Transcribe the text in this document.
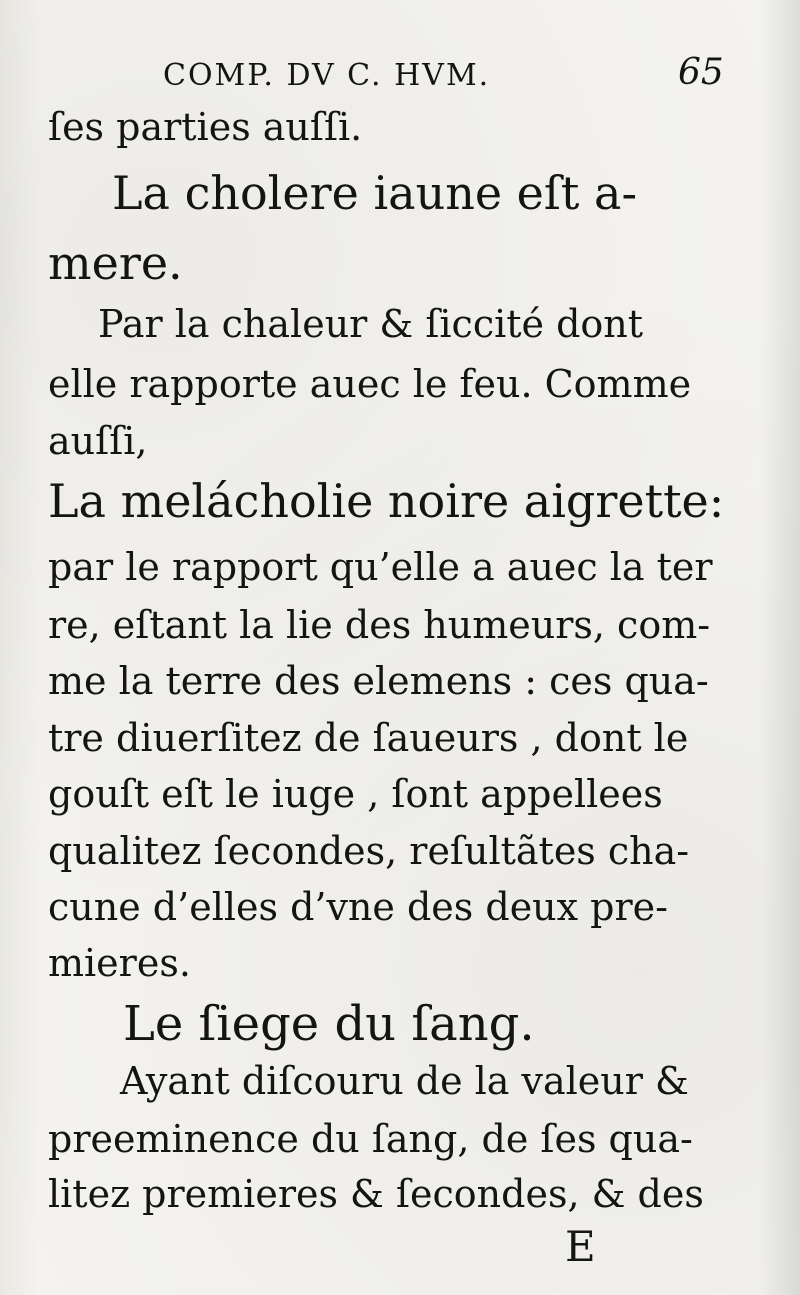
COMP. DV C. HVM.	65
ſes parties auſſi.
La cholere iaune eſt a-
mere.
Par la chaleur & ſiccité dont
elle rapporte auec le feu. Comme
auſſi,
La melácholie noire aigrette:
par le rapport qu’elle a auec la ter
re, eſtant la lie des humeurs, com-
me la terre des elemens : ces qua-
tre diuerſitez de ſaueurs , dont le
gouſt eſt le iuge , ſont appellees
qualitez ſecondes, reſultãtes cha-
cune d’elles d’vne des deux pre-
mieres.
Le ſiege du ſang.
Ayant diſcouru de la valeur &
preeminence du ſang, de ſes qua-
litez premieres & ſecondes, & des
E
